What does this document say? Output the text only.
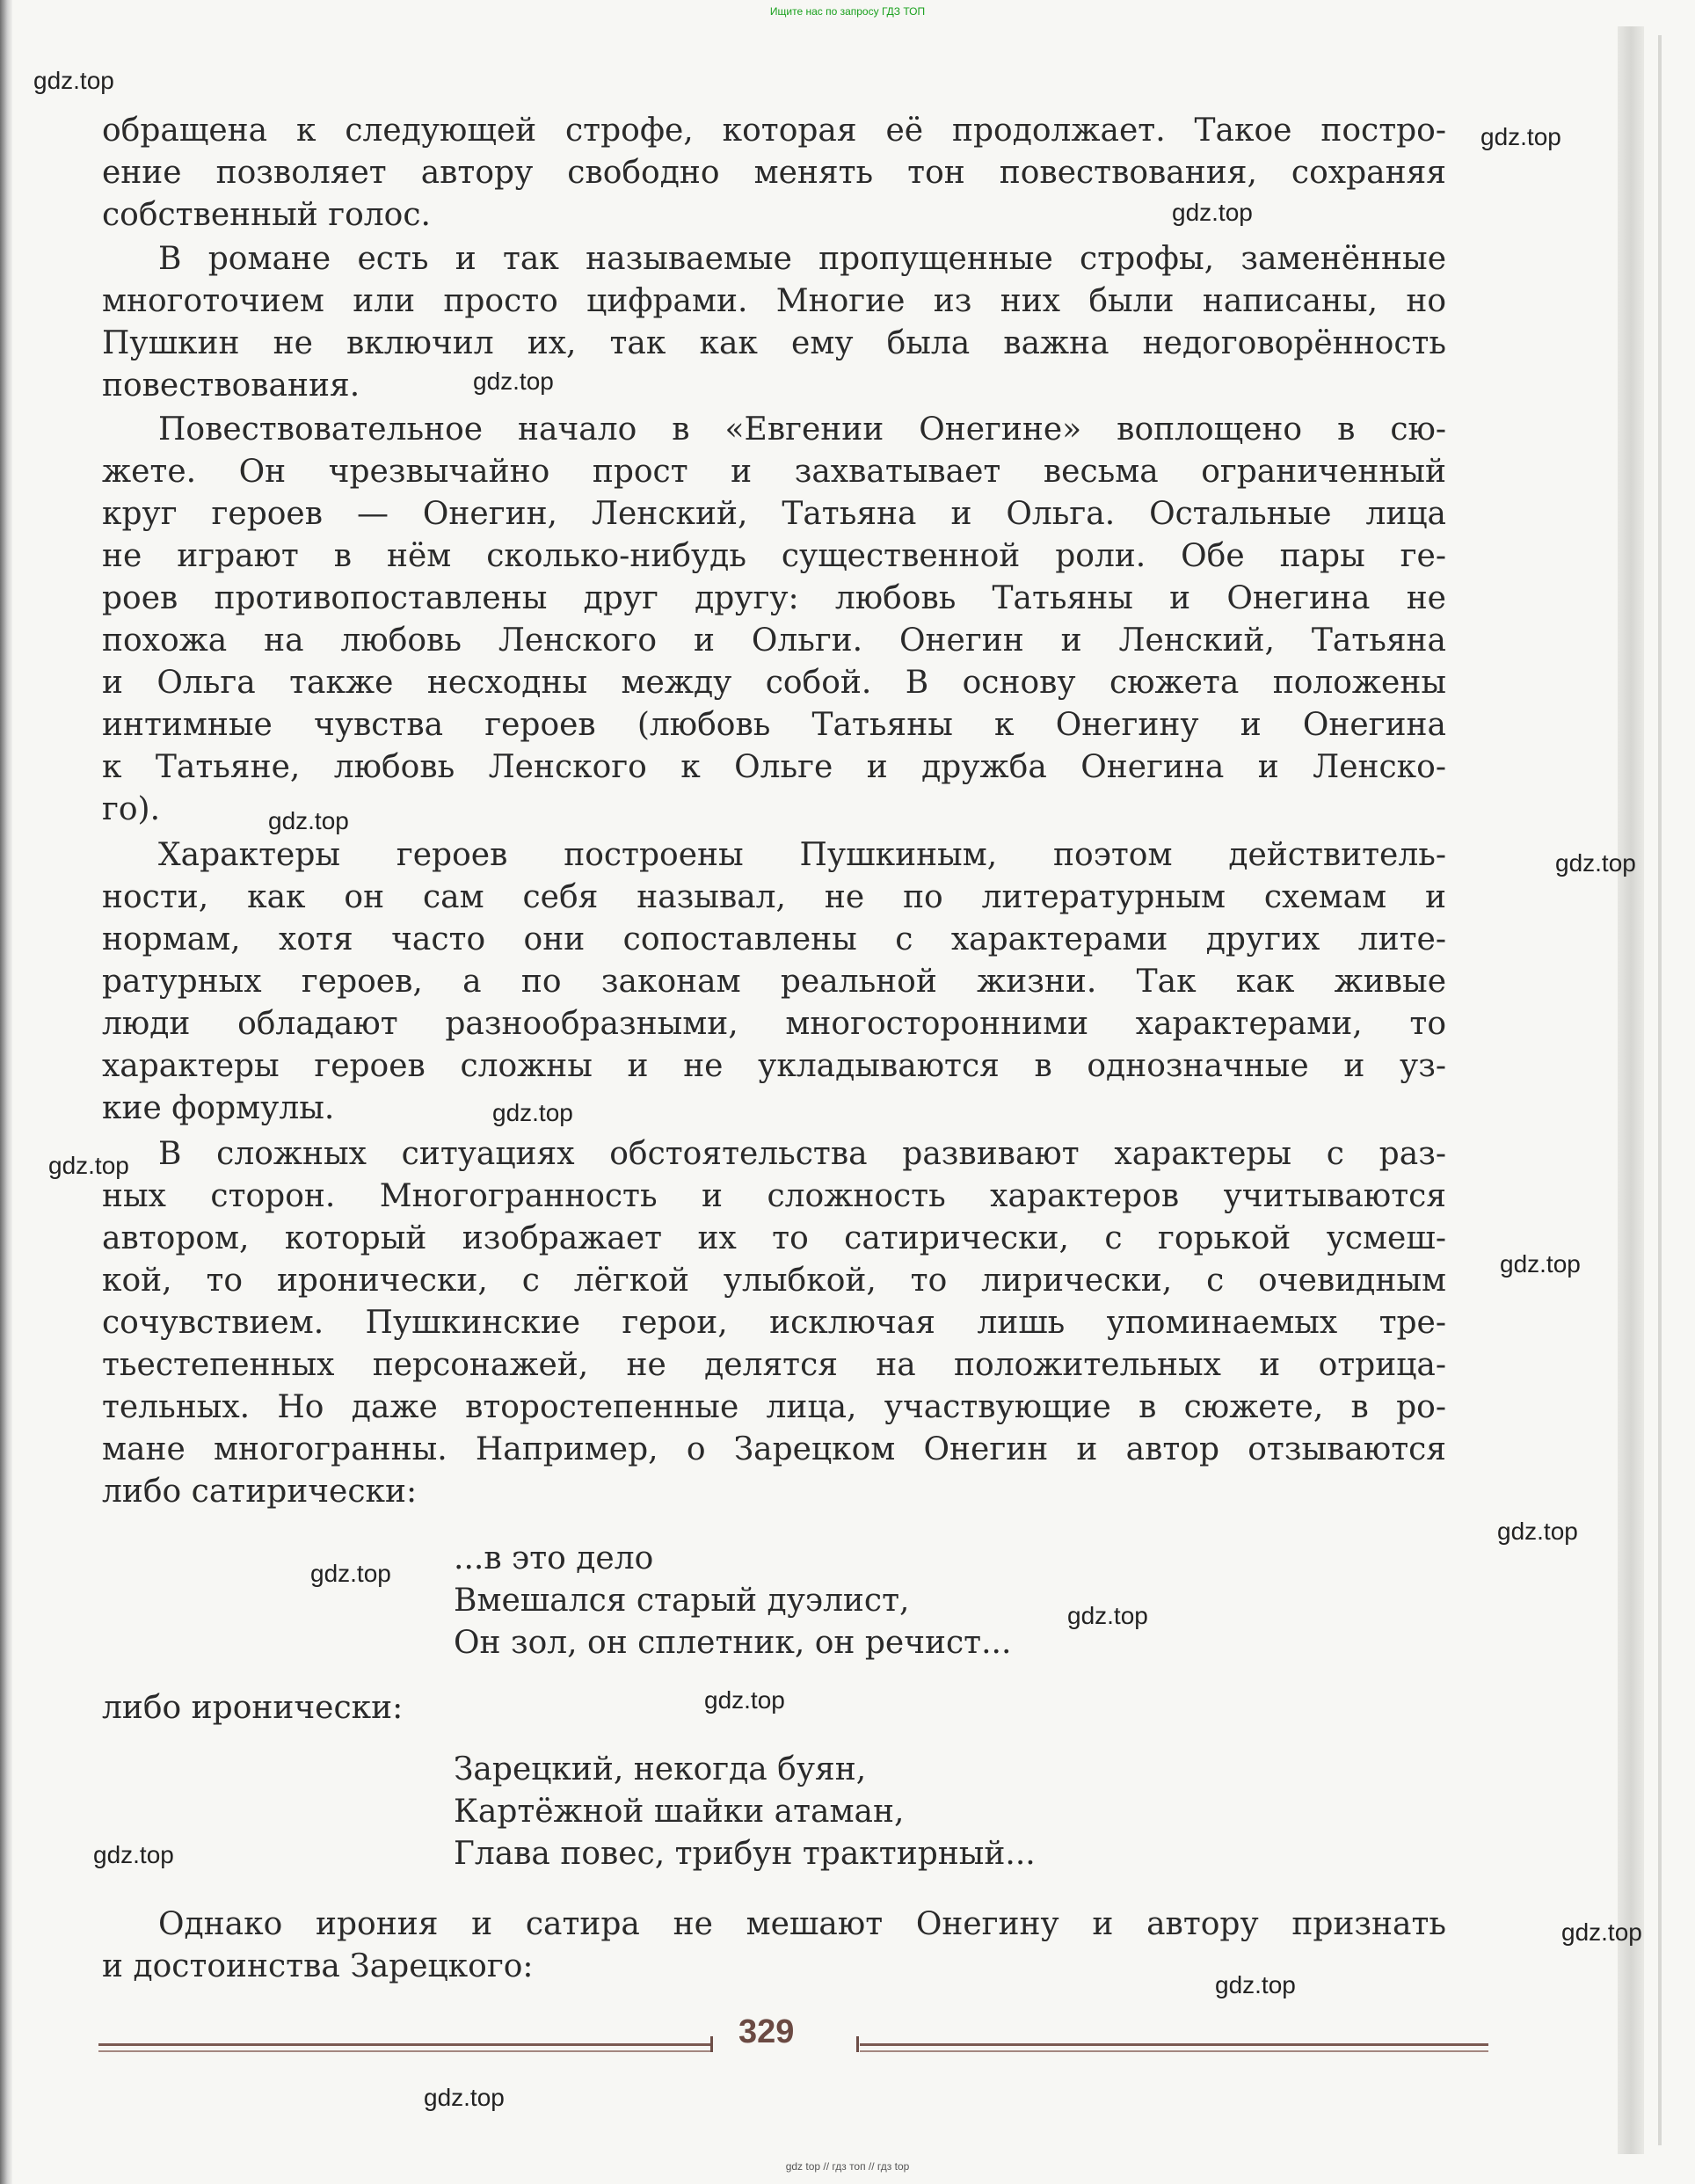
Ищите нас по запросу ГДЗ ТОП
gdz.top
gdz.top
gdz.top
gdz.top
gdz.top
gdz.top
gdz.top
gdz.top
gdz.top
gdz.top
gdz.top
gdz.top
gdz.top
gdz.top
gdz.top
gdz.top
gdz.top
обращена к следующей строфе, которая её продолжает. Такое постро-
ение позволяет автору свободно менять тон повествования, сохраняя
собственный голос.
В романе есть и так называемые пропущенные строфы, заменённые
многоточием или просто цифрами. Многие из них были написаны, но
Пушкин не включил их, так как ему была важна недоговорённость
повествования.
Повествовательное начало в «Евгении Онегине» воплощено в сю-
жете. Он чрезвычайно прост и захватывает весьма ограниченный
круг героев — Онегин, Ленский, Татьяна и Ольга. Остальные лица
не играют в нём сколько-нибудь существенной роли. Обе пары ге-
роев противопоставлены друг другу: любовь Татьяны и Онегина не
похожа на любовь Ленского и Ольги. Онегин и Ленский, Татьяна
и Ольга также несходны между собой. В основу сюжета положены
интимные чувства героев (любовь Татьяны к Онегину и Онегина
к Татьяне, любовь Ленского к Ольге и дружба Онегина и Ленско-
го).
Характеры героев построены Пушкиным, поэтом действитель-
ности, как он сам себя называл, не по литературным схемам и
нормам, хотя часто они сопоставлены с характерами других лите-
ратурных героев, а по законам реальной жизни. Так как живые
люди обладают разнообразными, многосторонними характерами, то
характеры героев сложны и не укладываются в однозначные и уз-
кие формулы.
В сложных ситуациях обстоятельства развивают характеры с раз-
ных сторон. Многогранность и сложность характеров учитываются
автором, который изображает их то сатирически, с горькой усмеш-
кой, то иронически, с лёгкой улыбкой, то лирически, с очевидным
сочувствием. Пушкинские герои, исключая лишь упоминаемых тре-
тьестепенных персонажей, не делятся на положительных и отрица-
тельных. Но даже второстепенные лица, участвующие в сюжете, в ро-
мане многогранны. Например, о Зарецком Онегин и автор отзываются
либо сатирически:
...в это дело
Вмешался старый дуэлист,
Он зол, он сплетник, он речист...
либо иронически:
Зарецкий, некогда буян,
Картёжной шайки атаман,
Глава повес, трибун трактирный...
Однако ирония и сатира не мешают Онегину и автору признать
и достоинства Зарецкого:
329
gdz top // гдз топ // гдз top
